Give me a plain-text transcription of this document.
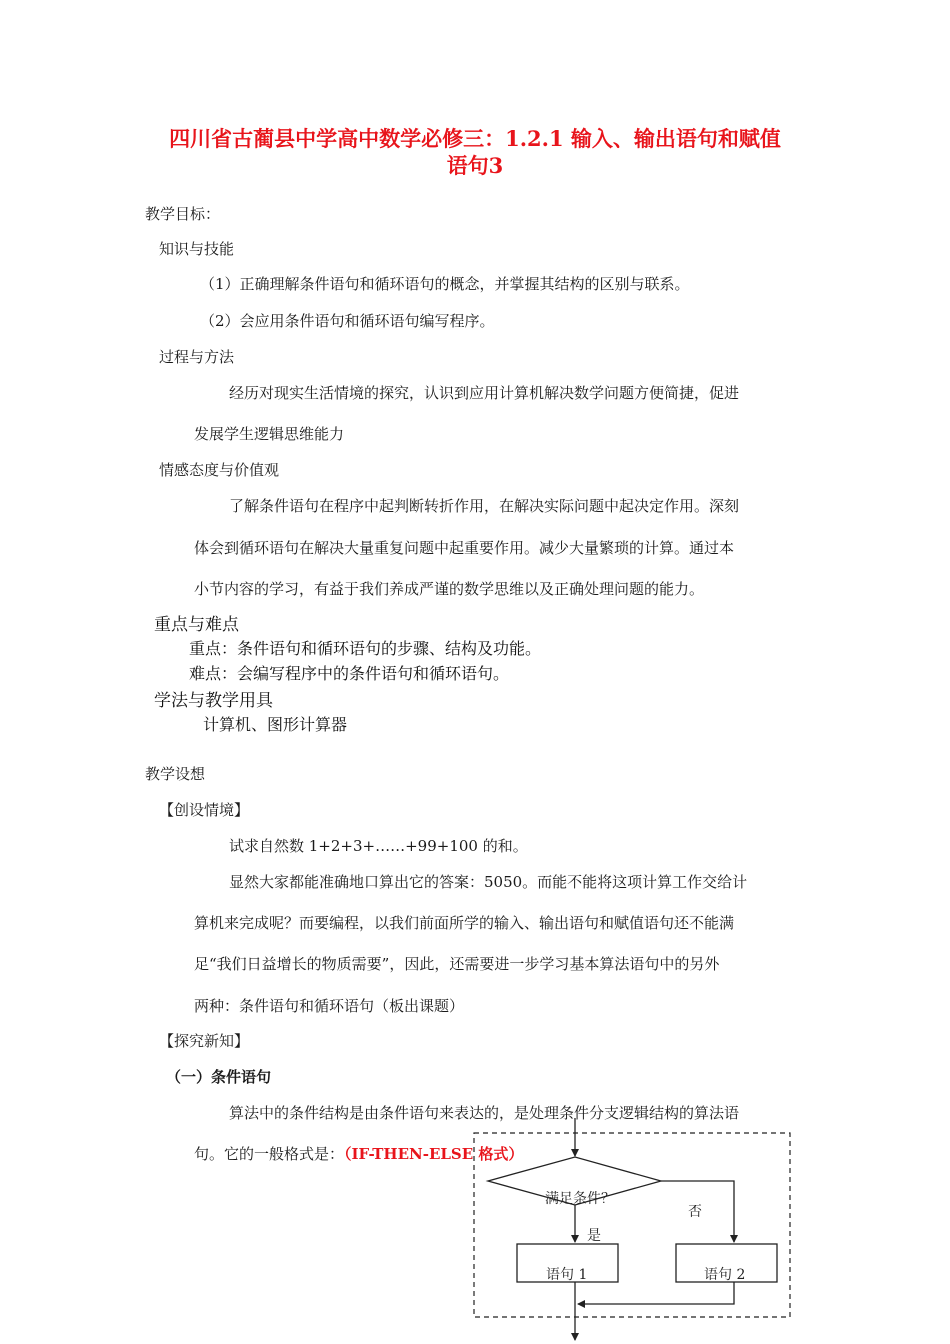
四川省古蔺县中学高中数学必修三：1.2.1 输入、输出语句和赋值
语句3
教学目标：
知识与技能
（1）正确理解条件语句和循环语句的概念，并掌握其结构的区别与联系。
（2）会应用条件语句和循环语句编写程序。
过程与方法
经历对现实生活情境的探究，认识到应用计算机解决数学问题方便简捷，促进
发展学生逻辑思维能力
情感态度与价值观
了解条件语句在程序中起判断转折作用，在解决实际问题中起决定作用。深刻
体会到循环语句在解决大量重复问题中起重要作用。减少大量繁琐的计算。通过本
小节内容的学习，有益于我们养成严谨的数学思维以及正确处理问题的能力。
重点与难点
重点：条件语句和循环语句的步骤、结构及功能。
难点：会编写程序中的条件语句和循环语句。
学法与教学用具
计算机、图形计算器
教学设想
【创设情境】
试求自然数 1+2+3+……+99+100 的和。
显然大家都能准确地口算出它的答案：5050。而能不能将这项计算工作交给计
算机来完成呢？而要编程，以我们前面所学的输入、输出语句和赋值语句还不能满
足“我们日益增长的物质需要”，因此，还需要进一步学习基本算法语句中的另外
两种：条件语句和循环语句（板出课题）
【探究新知】
（一）条件语句
算法中的条件结构是由条件语句来表达的，是处理条件分支逻辑结构的算法语
句。它的一般格式是：（IF-THEN-ELSE 格式）
满足条件？
是
否
语句 1	语句 2
